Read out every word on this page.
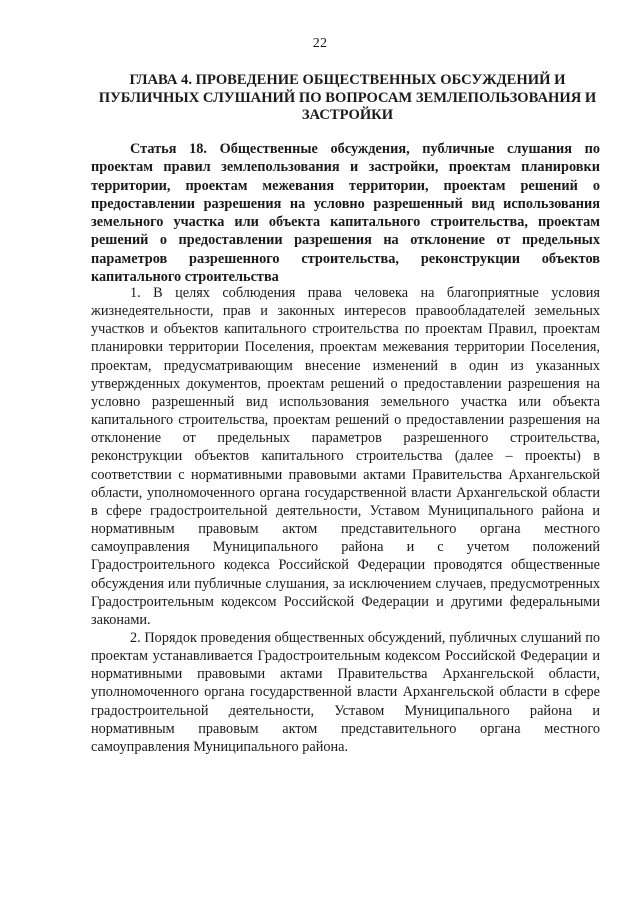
22
ГЛАВА 4. ПРОВЕДЕНИЕ ОБЩЕСТВЕННЫХ ОБСУЖДЕНИЙ И ПУБЛИЧНЫХ СЛУШАНИЙ ПО ВОПРОСАМ ЗЕМЛЕПОЛЬЗОВАНИЯ И ЗАСТРОЙКИ
Статья 18. Общественные обсуждения, публичные слушания по проектам правил землепользования и застройки, проектам планировки территории, проектам межевания территории, проектам решений о предоставлении разрешения на условно разрешенный вид использования земельного участка или объекта капитального строительства, проектам решений о предоставлении разрешения на отклонение от предельных параметров разрешенного строительства, реконструкции объектов капитального строительства

1. В целях соблюдения права человека на благоприятные условия жизнедеятельности, прав и законных интересов правообладателей земельных участков и объектов капитального строительства по проектам Правил, проектам планировки территории Поселения, проектам межевания территории Поселения, проектам, предусматривающим внесение изменений в один из указанных утвержденных документов, проектам решений о предоставлении разрешения на условно разрешенный вид использования земельного участка или объекта капитального строительства, проектам решений о предоставлении разрешения на отклонение от предельных параметров разрешенного строительства, реконструкции объектов капитального строительства (далее – проекты) в соответствии с нормативными правовыми актами Правительства Архангельской области, уполномоченного органа государственной власти Архангельской области в сфере градостроительной деятельности, Уставом Муниципального района и нормативным правовым актом представительного органа местного самоуправления Муниципального района и с учетом положений Градостроительного кодекса Российской Федерации проводятся общественные обсуждения или публичные слушания, за исключением случаев, предусмотренных Градостроительным кодексом Российской Федерации и другими федеральными законами.

2. Порядок проведения общественных обсуждений, публичных слушаний по проектам устанавливается Градостроительным кодексом Российской Федерации и нормативными правовыми актами Правительства Архангельской области, уполномоченного органа государственной власти Архангельской области в сфере градостроительной деятельности, Уставом Муниципального района и нормативным правовым актом представительного органа местного самоуправления Муниципального района.
